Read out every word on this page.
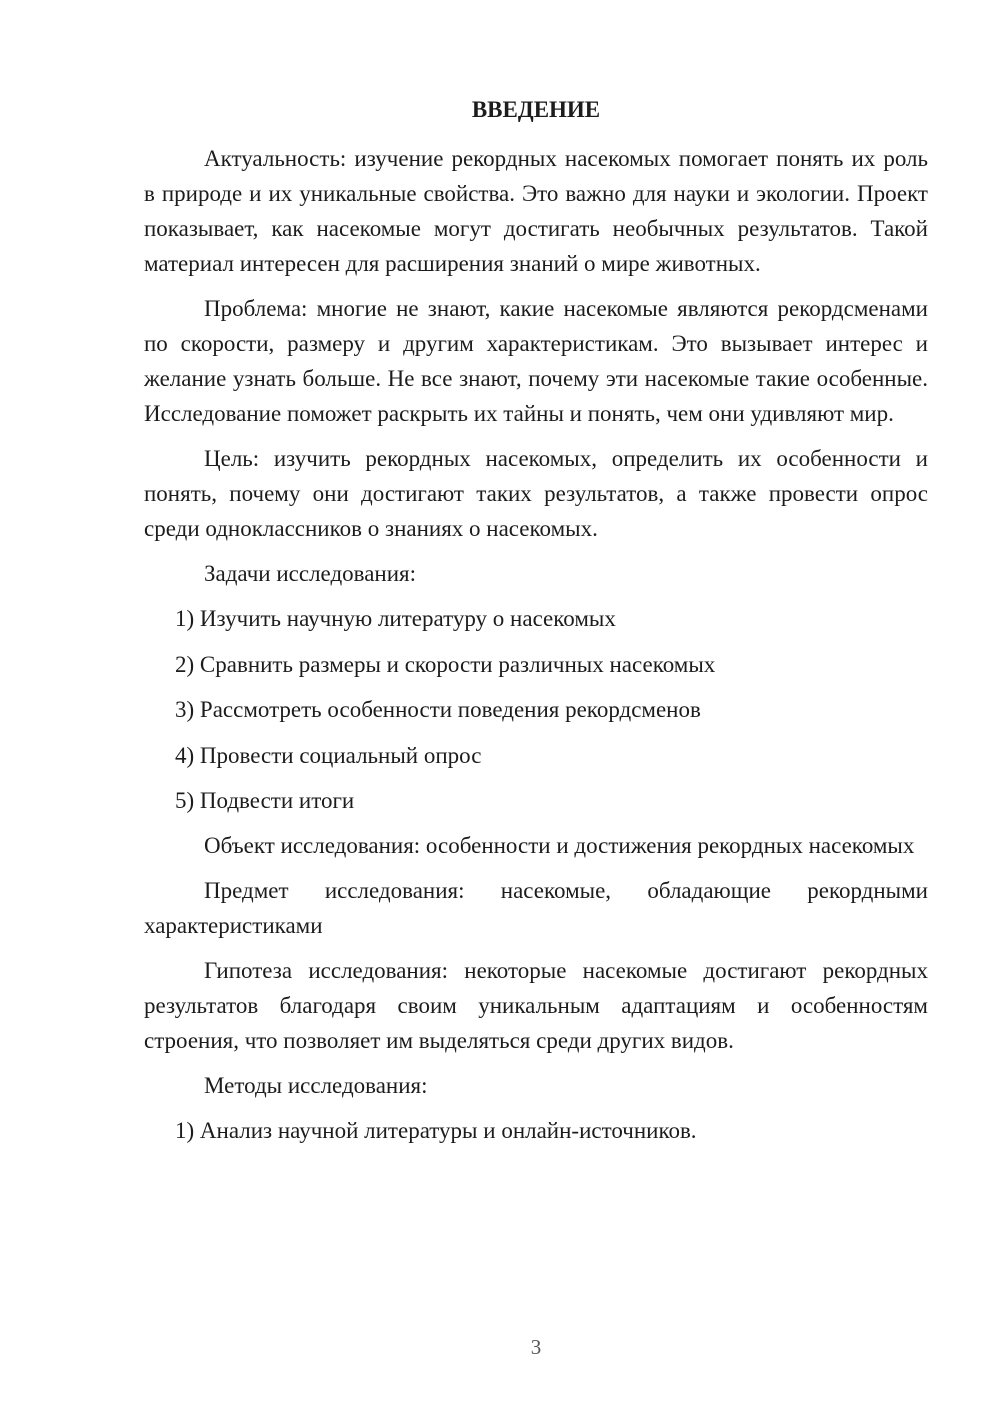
ВВЕДЕНИЕ

Актуальность: изучение рекордных насекомых помогает понять их роль в природе и их уникальные свойства. Это важно для науки и экологии. Проект показывает, как насекомые могут достигать необычных результатов. Такой материал интересен для расширения знаний о мире животных.

Проблема: многие не знают, какие насекомые являются рекордсменами по скорости, размеру и другим характеристикам. Это вызывает интерес и желание узнать больше. Не все знают, почему эти насекомые такие особенные. Исследование поможет раскрыть их тайны и понять, чем они удивляют мир.

Цель: изучить рекордных насекомых, определить их особенности и понять, почему они достигают таких результатов, а также провести опрос среди одноклассников о знаниях о насекомых.

Задачи исследования:

1) Изучить научную литературу о насекомых
2) Сравнить размеры и скорости различных насекомых
3) Рассмотреть особенности поведения рекордсменов
4) Провести социальный опрос
5) Подвести итоги

Объект исследования: особенности и достижения рекордных насекомых

Предмет исследования: насекомые, обладающие рекордными характеристиками

Гипотеза исследования: некоторые насекомые достигают рекордных результатов благодаря своим уникальным адаптациям и особенностям строения, что позволяет им выделяться среди других видов.

Методы исследования:

1) Анализ научной литературы и онлайн-источников.
3
